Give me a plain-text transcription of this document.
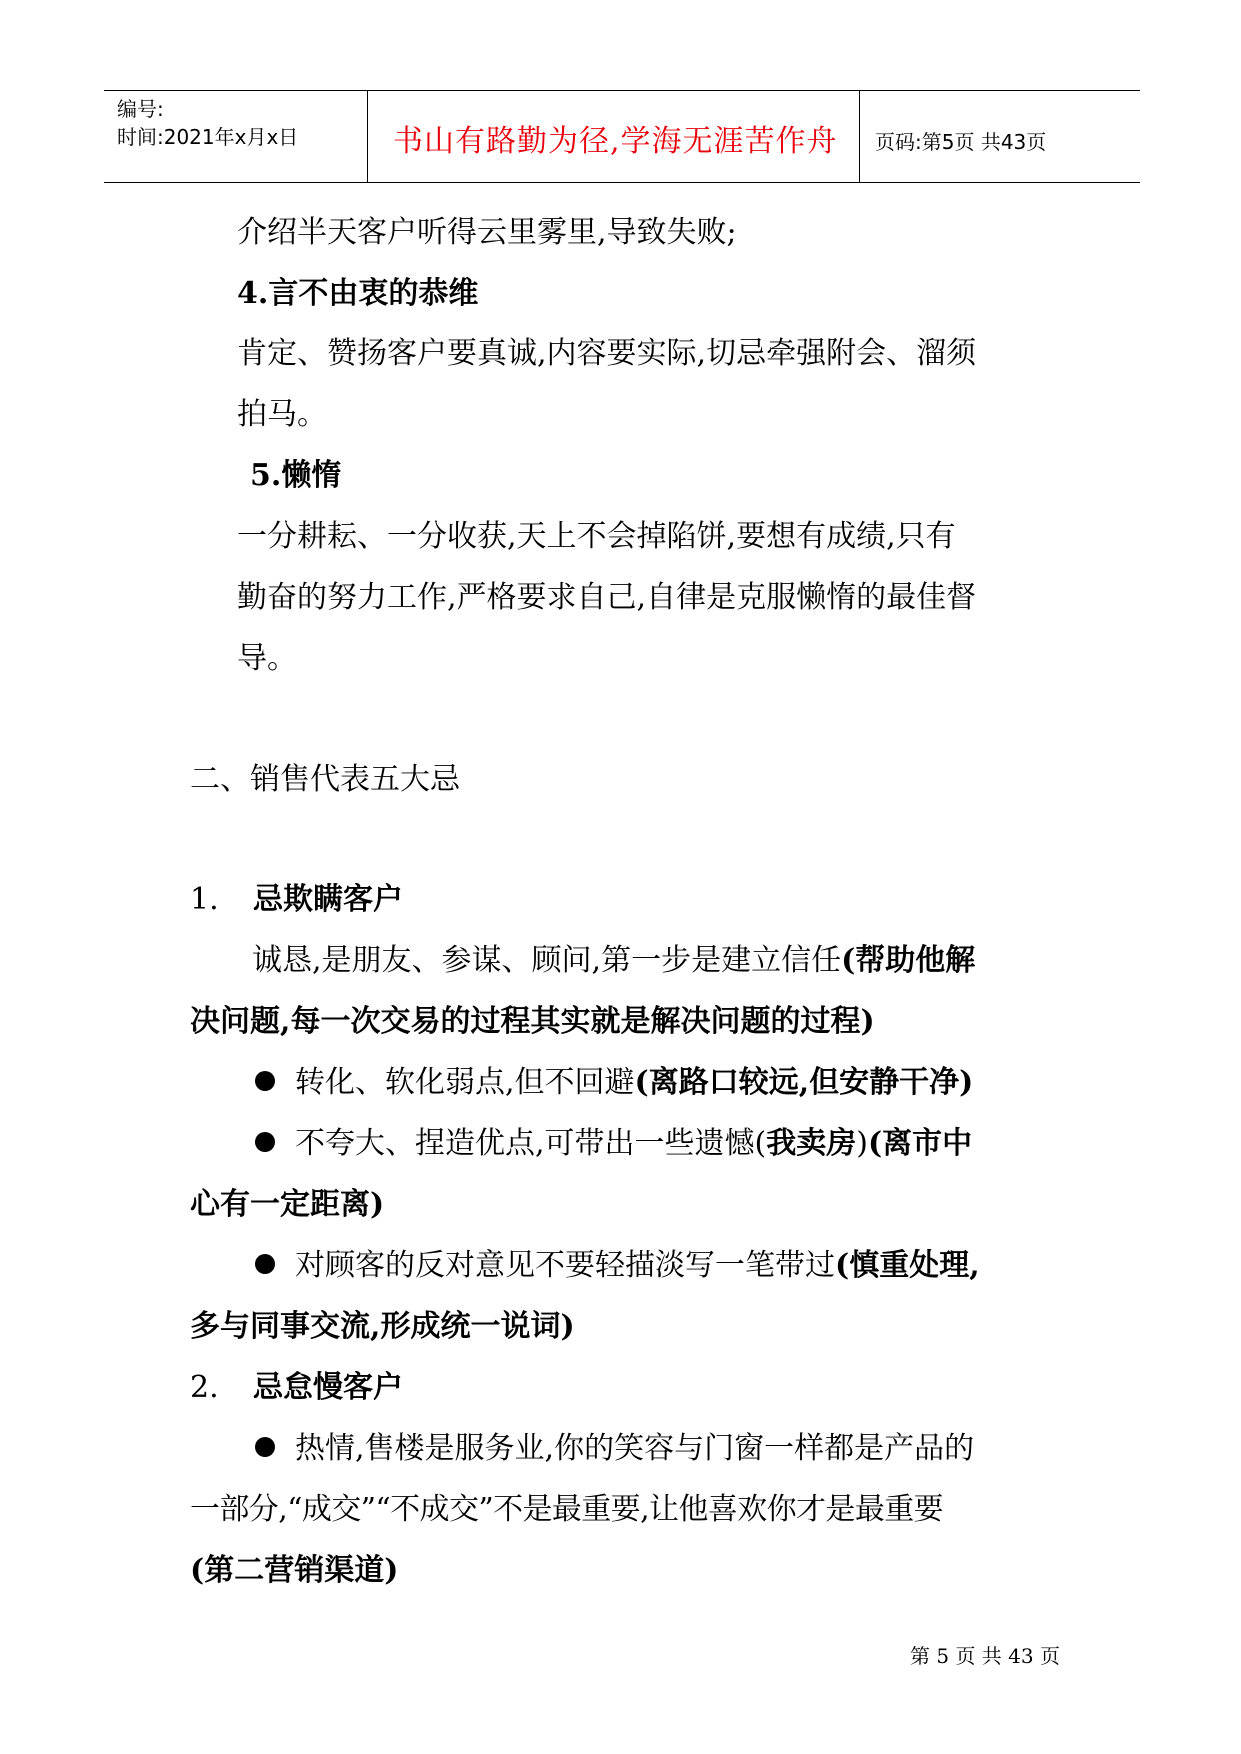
编号:
时间:2021年x月x日	书山有路勤为径,学海无涯苦作舟 页码:第5页 共43页
介绍半天客户听得云里雾里,导致失败;
4.言不由衷的恭维
肯定、赞扬客户要真诚,内容要实际,切忌牵强附会、溜须
拍马。
5.懒惰
一分耕耘、一分收获,天上不会掉陷饼,要想有成绩,只有
勤奋的努力工作,严格要求自己,自律是克服懒惰的最佳督
导。
二、销售代表五大忌
1. 忌欺瞒客户
诚恳,是朋友、参谋、顾问,第一步是建立信任(帮助他解
决问题,每一次交易的过程其实就是解决问题的过程)
转化、软化弱点,但不回避(离路口较远,但安静干净)
不夸大、捏造优点,可带出一些遗憾(我卖房)(离市中
心有一定距离)
对顾客的反对意见不要轻描淡写一笔带过(慎重处理,
多与同事交流,形成统一说词)
2. 忌怠慢客户
热情,售楼是服务业,你的笑容与门窗一样都是产品的
一部分,“成交”“不成交”不是最重要,让他喜欢你才是最重要
(第二营销渠道)
第 5 页 共 43 页
